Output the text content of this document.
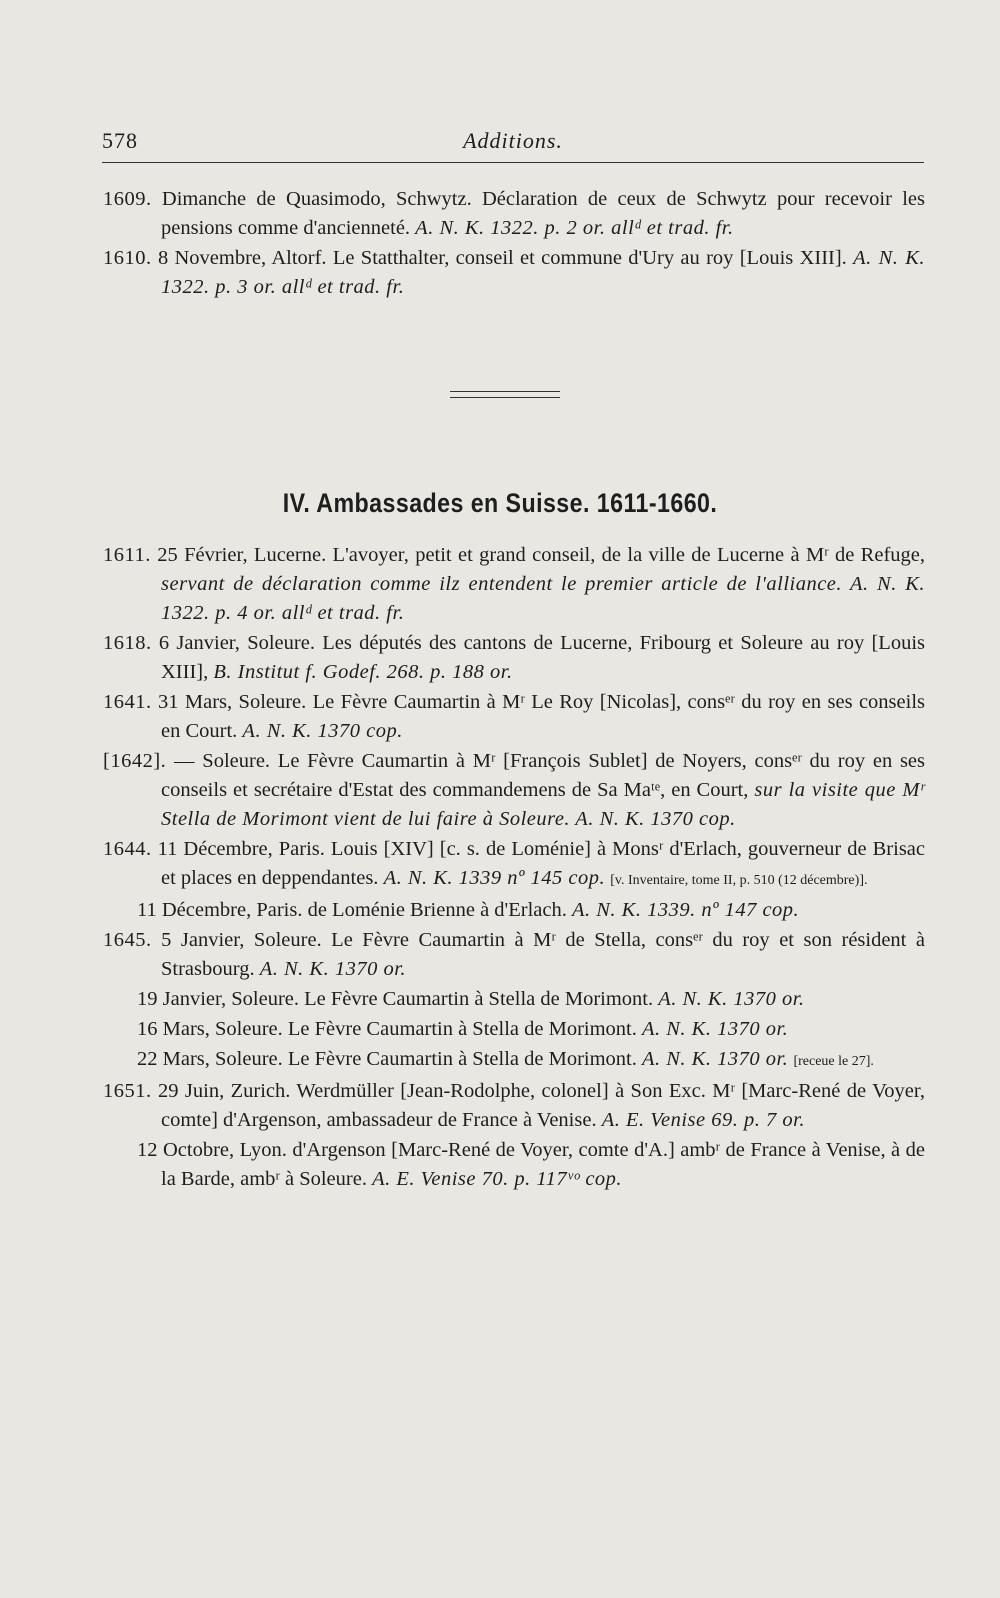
578	Additions.

1609. Dimanche de Quasimodo, Schwytz. Déclaration de ceux de Schwytz pour recevoir les pensions comme d'ancienneté. A. N. K. 1322. p. 2 or. allᵈ et trad. fr.

1610. 8 Novembre, Altorf. Le Statthalter, conseil et commune d'Ury au roy [Louis XIII]. A. N. K. 1322. p. 3 or. allᵈ et trad. fr.

IV. Ambassades en Suisse. 1611-1660.

1611. 25 Février, Lucerne. L'avoyer, petit et grand conseil, de la ville de Lucerne à Mʳ de Refuge, servant de déclaration comme ilz entendent le premier article de l'alliance. A. N. K. 1322. p. 4 or. allᵈ et trad. fr.

1618. 6 Janvier, Soleure. Les députés des cantons de Lucerne, Fribourg et Soleure au roy [Louis XIII], B. Institut f. Godef. 268. p. 188 or.

1641. 31 Mars, Soleure. Le Fèvre Caumartin à Mʳ Le Roy [Nicolas], consᵉʳ du roy en ses conseils en Court. A. N. K. 1370 cop.

[1642]. — Soleure. Le Fèvre Caumartin à Mʳ [François Sublet] de Noyers, consᵉʳ du roy en ses conseils et secrétaire d'Estat des commandemens de Sa Maᵗᵉ, en Court, sur la visite que Mʳ Stella de Morimont vient de lui faire à Soleure. A. N. K. 1370 cop.

1644. 11 Décembre, Paris. Louis [XIV] [c. s. de Loménie] à Monsʳ d'Erlach, gouverneur de Brisac et places en deppendantes. A. N. K. 1339 nº 145 cop. [v. Inventaire, tome II, p. 510 (12 décembre)].

11 Décembre, Paris. de Loménie Brienne à d'Erlach. A. N. K. 1339. nº 147 cop.

1645. 5 Janvier, Soleure. Le Fèvre Caumartin à Mʳ de Stella, consᵉʳ du roy et son résident à Strasbourg. A. N. K. 1370 or.

19 Janvier, Soleure. Le Fèvre Caumartin à Stella de Morimont. A. N. K. 1370 or.

16 Mars, Soleure. Le Fèvre Caumartin à Stella de Morimont. A. N. K. 1370 or.

22 Mars, Soleure. Le Fèvre Caumartin à Stella de Morimont. A. N. K. 1370 or. [receue le 27].

1651. 29 Juin, Zurich. Werdmüller [Jean-Rodolphe, colonel] à Son Exc. Mʳ [Marc-René de Voyer, comte] d'Argenson, ambassadeur de France à Venise. A. E. Venise 69. p. 7 or.

12 Octobre, Lyon. d'Argenson [Marc-René de Voyer, comte d'A.] ambʳ de France à Venise, à de la Barde, ambʳ à Soleure. A. E. Venise 70. p. 117ᵛᵒ cop.
